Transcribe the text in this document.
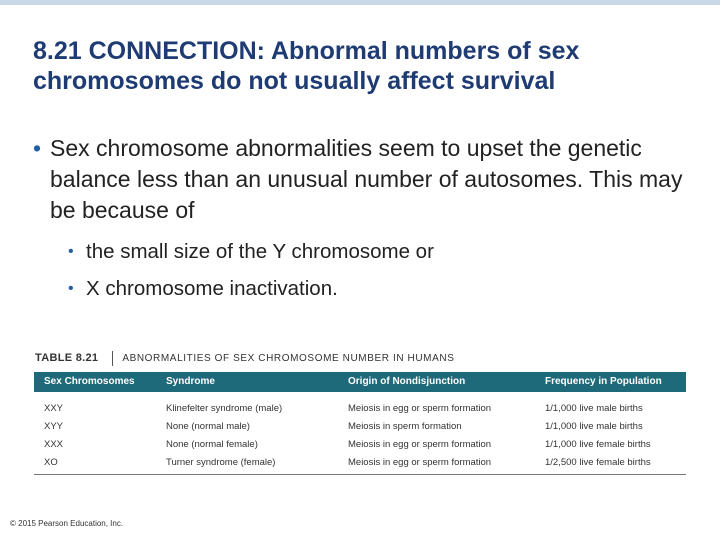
8.21 CONNECTION: Abnormal numbers of sex chromosomes do not usually affect survival
• Sex chromosome abnormalities seem to upset the genetic balance less than an unusual number of autosomes. This may be because of
• the small size of the Y chromosome or
• X chromosome inactivation.
TABLE 8.21 ABNORMALITIES OF SEX CHROMOSOME NUMBER IN HUMANS
Sex Chromosomes	Syndrome	Origin of Nondisjunction	Frequency in Population
XXY	Klinefelter syndrome (male)	Meiosis in egg or sperm formation	1/1,000 live male births
XYY	None (normal male)	Meiosis in sperm formation	1/1,000 live male births
XXX	None (normal female)	Meiosis in egg or sperm formation	1/1,000 live female births
XO	Turner syndrome (female)	Meiosis in egg or sperm formation	1/2,500 live female births
© 2015 Pearson Education, Inc.
